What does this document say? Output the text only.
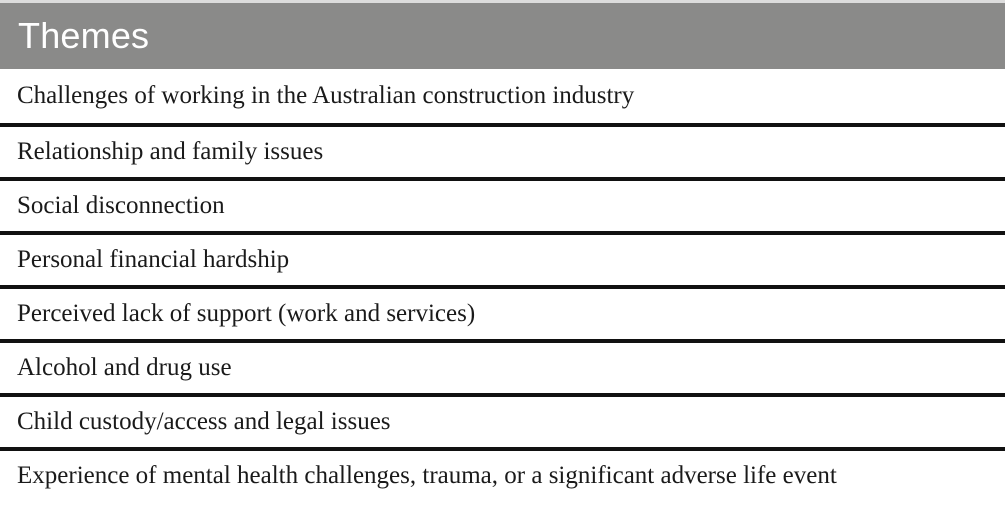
Themes
Challenges of working in the Australian construction industry
Relationship and family issues
Social disconnection
Personal financial hardship
Perceived lack of support (work and services)
Alcohol and drug use
Child custody/access and legal issues
Experience of mental health challenges, trauma, or a significant adverse life event
